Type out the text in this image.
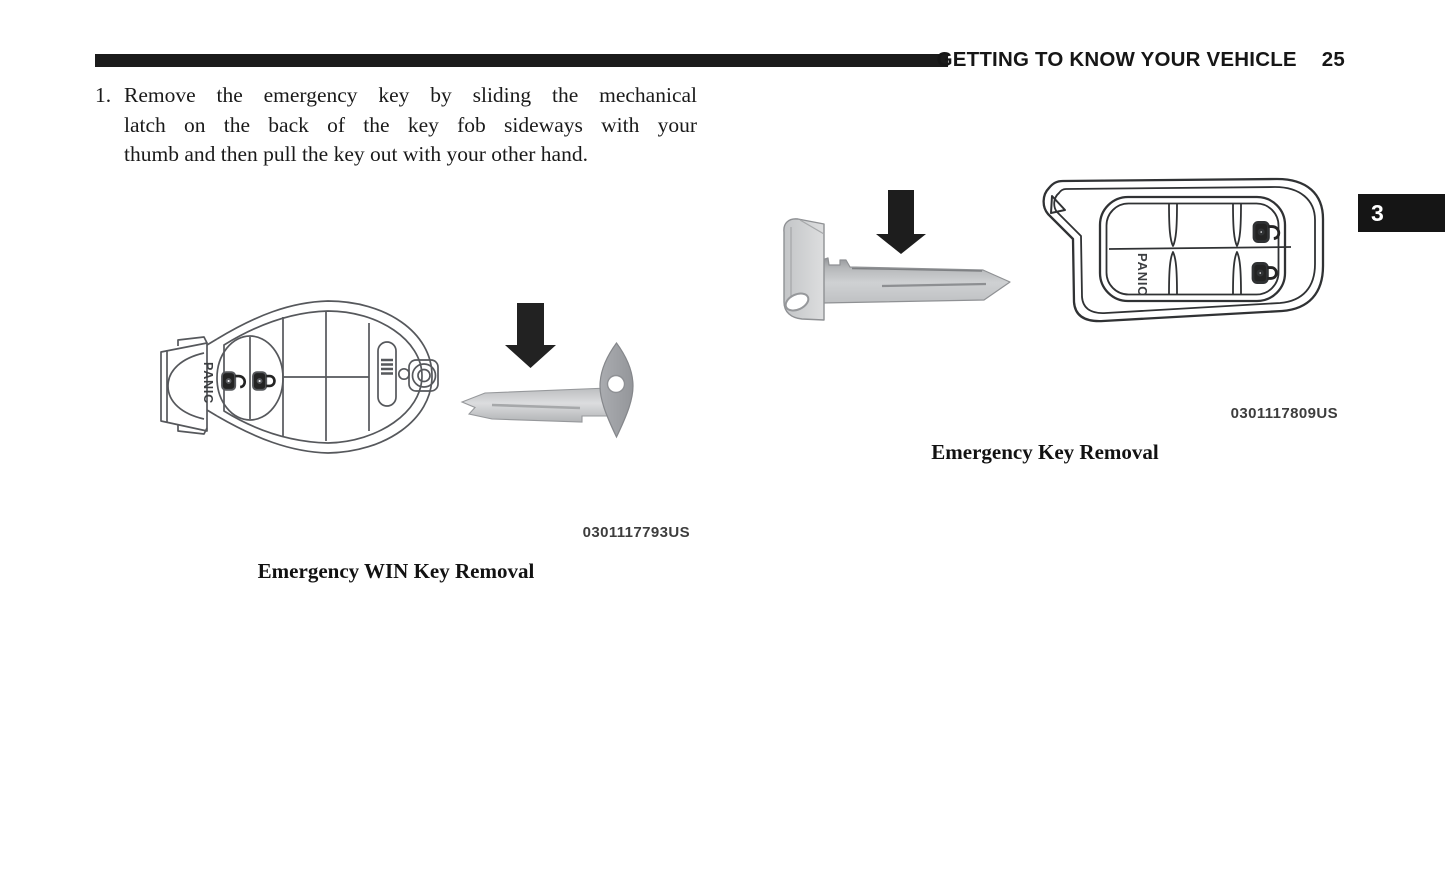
GETTING TO KNOW YOUR VEHICLE 25
3
1. Remove the emergency key by sliding the mechanical
latch on the back of the key fob sideways with your
thumb and then pull the key out with your other hand.
PANIC
0301117793US
Emergency WIN Key Removal
PANIC
0301117809US
Emergency Key Removal
